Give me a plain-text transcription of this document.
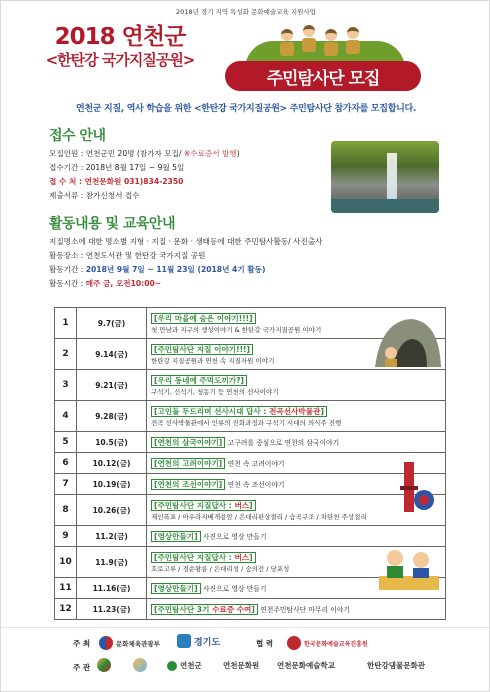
2018년 경기 지역 특성화 문화예술교육 지원사업
2018 연천군
<한탄강 국가지질공원>
주민탐사단 모집
연천군 지질, 역사 학습을 위한 <한탄강 국가지질공원> 주민탐사단 참가자를 모집합니다.
접수 안내
모집인원 : 연천군민 20명 (참가자 모집/ ※수료증서 발행)
접수기간 : 2018년 8월 17일 ~ 9월 5일
접 수 처 : 연천문화원 031)834-2350
제출서류 : 참가신청서 접수
활동내용 및 교육안내
지질명소에 대한 명소별 지형 · 지질 · 문화 · 생태등에 대한 주민탐사활동/ 사진출사
활동장소 : 연천도서관 및 한탄강 국가지질 공원
활동기간 : 2018년 9월 7일 ~ 11월 23일 (2018년 4기 활동)
활동시간 : 매주 금, 오전10:00~
1	9.7(금)	[우리 마을에 숨은 이야기!!!]
첫 만남과 지구의 생성이야기 & 한탄강 국가지질공원 이야기

2	9.14(금)	[주민탐사단 지질 이야기!!!]
한탄강 지질공원과 연천 속 지질자원 이야기

3	9.21(금)	[우리 동네에 주먹도끼가?]
구석기, 신석기, 청동기 등 연천의 선사이야기

4	9.28(금)	[고인돌 두드리며 선사시대 답사 : 전곡선사박물관]
전곡 선사박물관에서 인류의 진화과정과 구석기 시대의 의식주 진행

5	10.5(금)	[연천의 삼국이야기] 고구려를 중심으로 연천의 삼국이야기
6	10.12(금)	[연천의 고려이야기] 연천 속 고려이야기
7	10.19(금)	[연천의 조선이야기] 연천 속 조선이야기
8	10.26(금)	[주민탐사단 지질답사 : 버스]
재인폭포 / 아우라지베개용암 / 은대리판상절리 / 습곡구조 / 차탄천 주상절리

9	11.2(금)	[영상만들기] 사진으로 영상 만들기
10	11.9(금)	[주민탐사단 지질답사 : 버스]
호로고루 / 경순왕릉 / 은대리성 / 숭의전 / 당포성

11	11.16(금)	[영상만들기] 사진으로 영상 만들기
12	11.23(금)	[주민탐사단 3기 수료증 수여] 연천주민탐사단 마무리 이야기
주 최	문화체육관광부	경기도	협 력	한국문화예술교육진흥원
주 관	연천군	연천문화원 연천문화예술학교	한탄강댐물문화관
